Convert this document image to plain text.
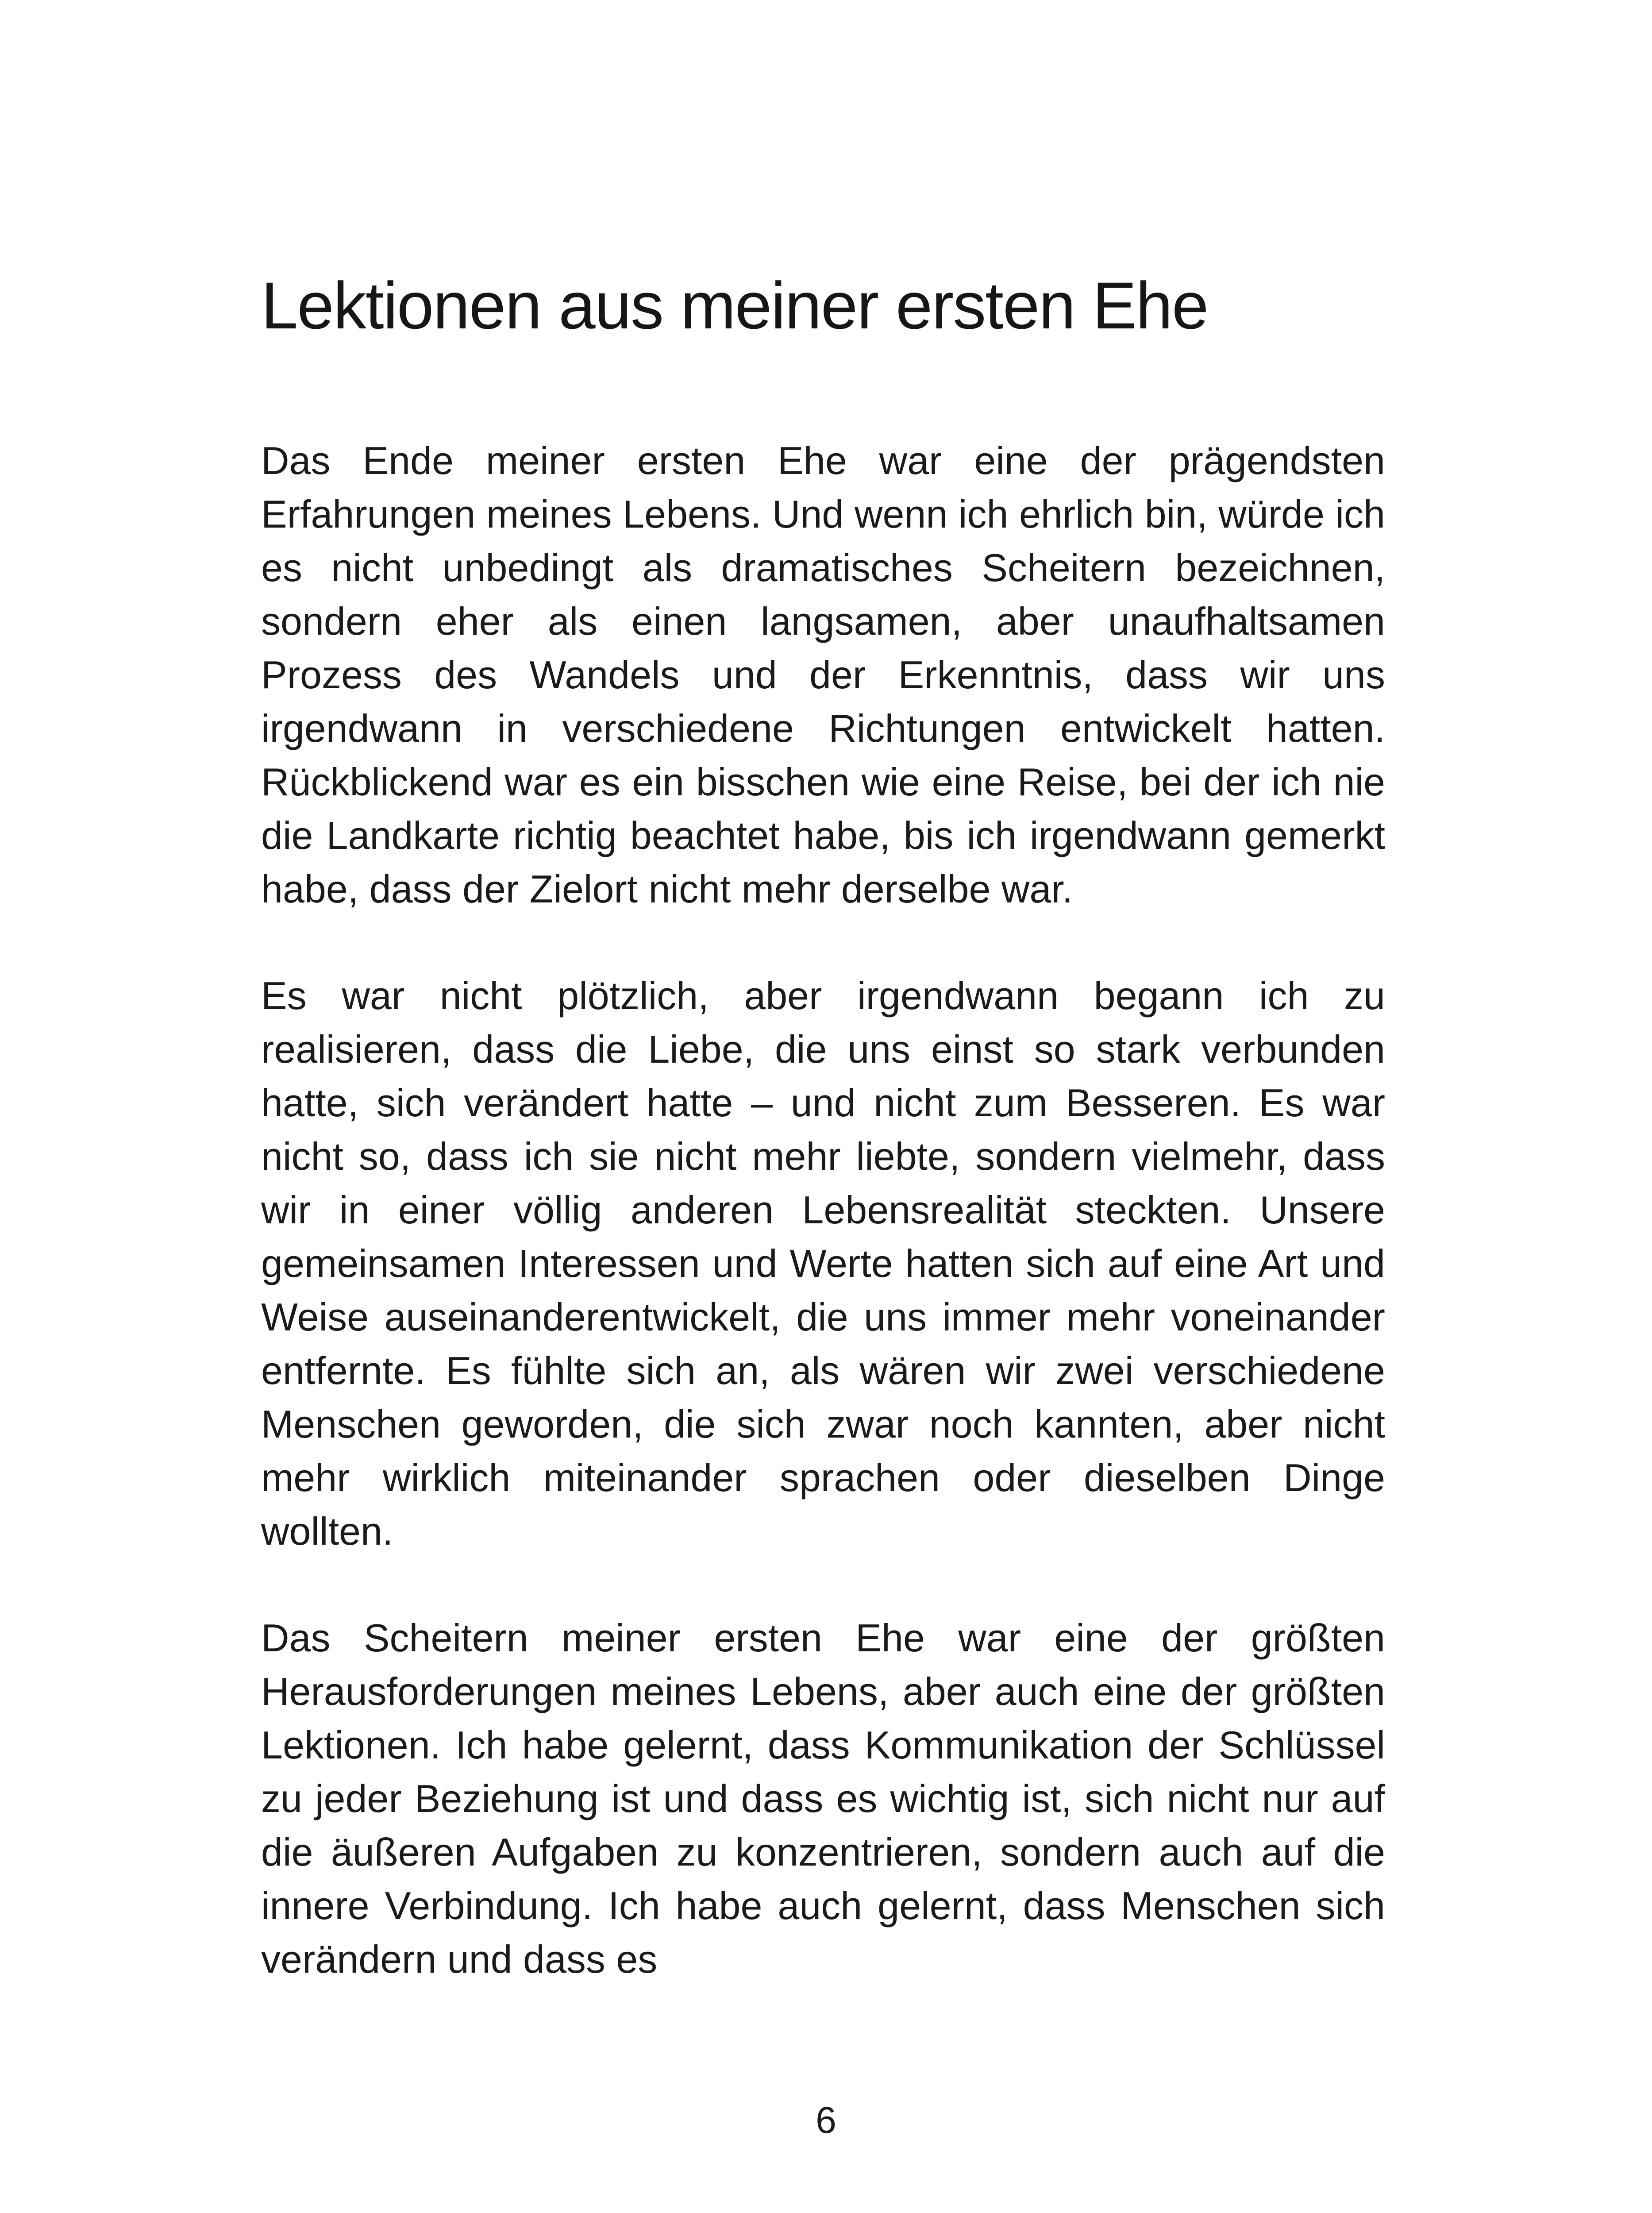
Lektionen aus meiner ersten Ehe

Das Ende meiner ersten Ehe war eine der prägendsten Erfahrungen meines Lebens. Und wenn ich ehrlich bin, würde ich es nicht unbedingt als dramatisches Scheitern bezeichnen, sondern eher als einen langsamen, aber unaufhaltsamen Prozess des Wandels und der Erkenntnis, dass wir uns irgendwann in verschiedene Richtungen entwickelt hatten. Rückblickend war es ein bisschen wie eine Reise, bei der ich nie die Landkarte richtig beachtet habe, bis ich irgendwann gemerkt habe, dass der Zielort nicht mehr derselbe war.

Es war nicht plötzlich, aber irgendwann begann ich zu realisieren, dass die Liebe, die uns einst so stark verbunden hatte, sich verändert hatte – und nicht zum Besseren. Es war nicht so, dass ich sie nicht mehr liebte, sondern vielmehr, dass wir in einer völlig anderen Lebensrealität steckten. Unsere gemeinsamen Interessen und Werte hatten sich auf eine Art und Weise auseinanderentwickelt, die uns immer mehr voneinander entfernte. Es fühlte sich an, als wären wir zwei verschiedene Menschen geworden, die sich zwar noch kannten, aber nicht mehr wirklich miteinander sprachen oder dieselben Dinge wollten.

Das Scheitern meiner ersten Ehe war eine der größten Herausforderungen meines Lebens, aber auch eine der größten Lektionen. Ich habe gelernt, dass Kommunikation der Schlüssel zu jeder Beziehung ist und dass es wichtig ist, sich nicht nur auf die äußeren Aufgaben zu konzentrieren, sondern auch auf die innere Verbindung. Ich habe auch gelernt, dass Menschen sich verändern und dass es

6
